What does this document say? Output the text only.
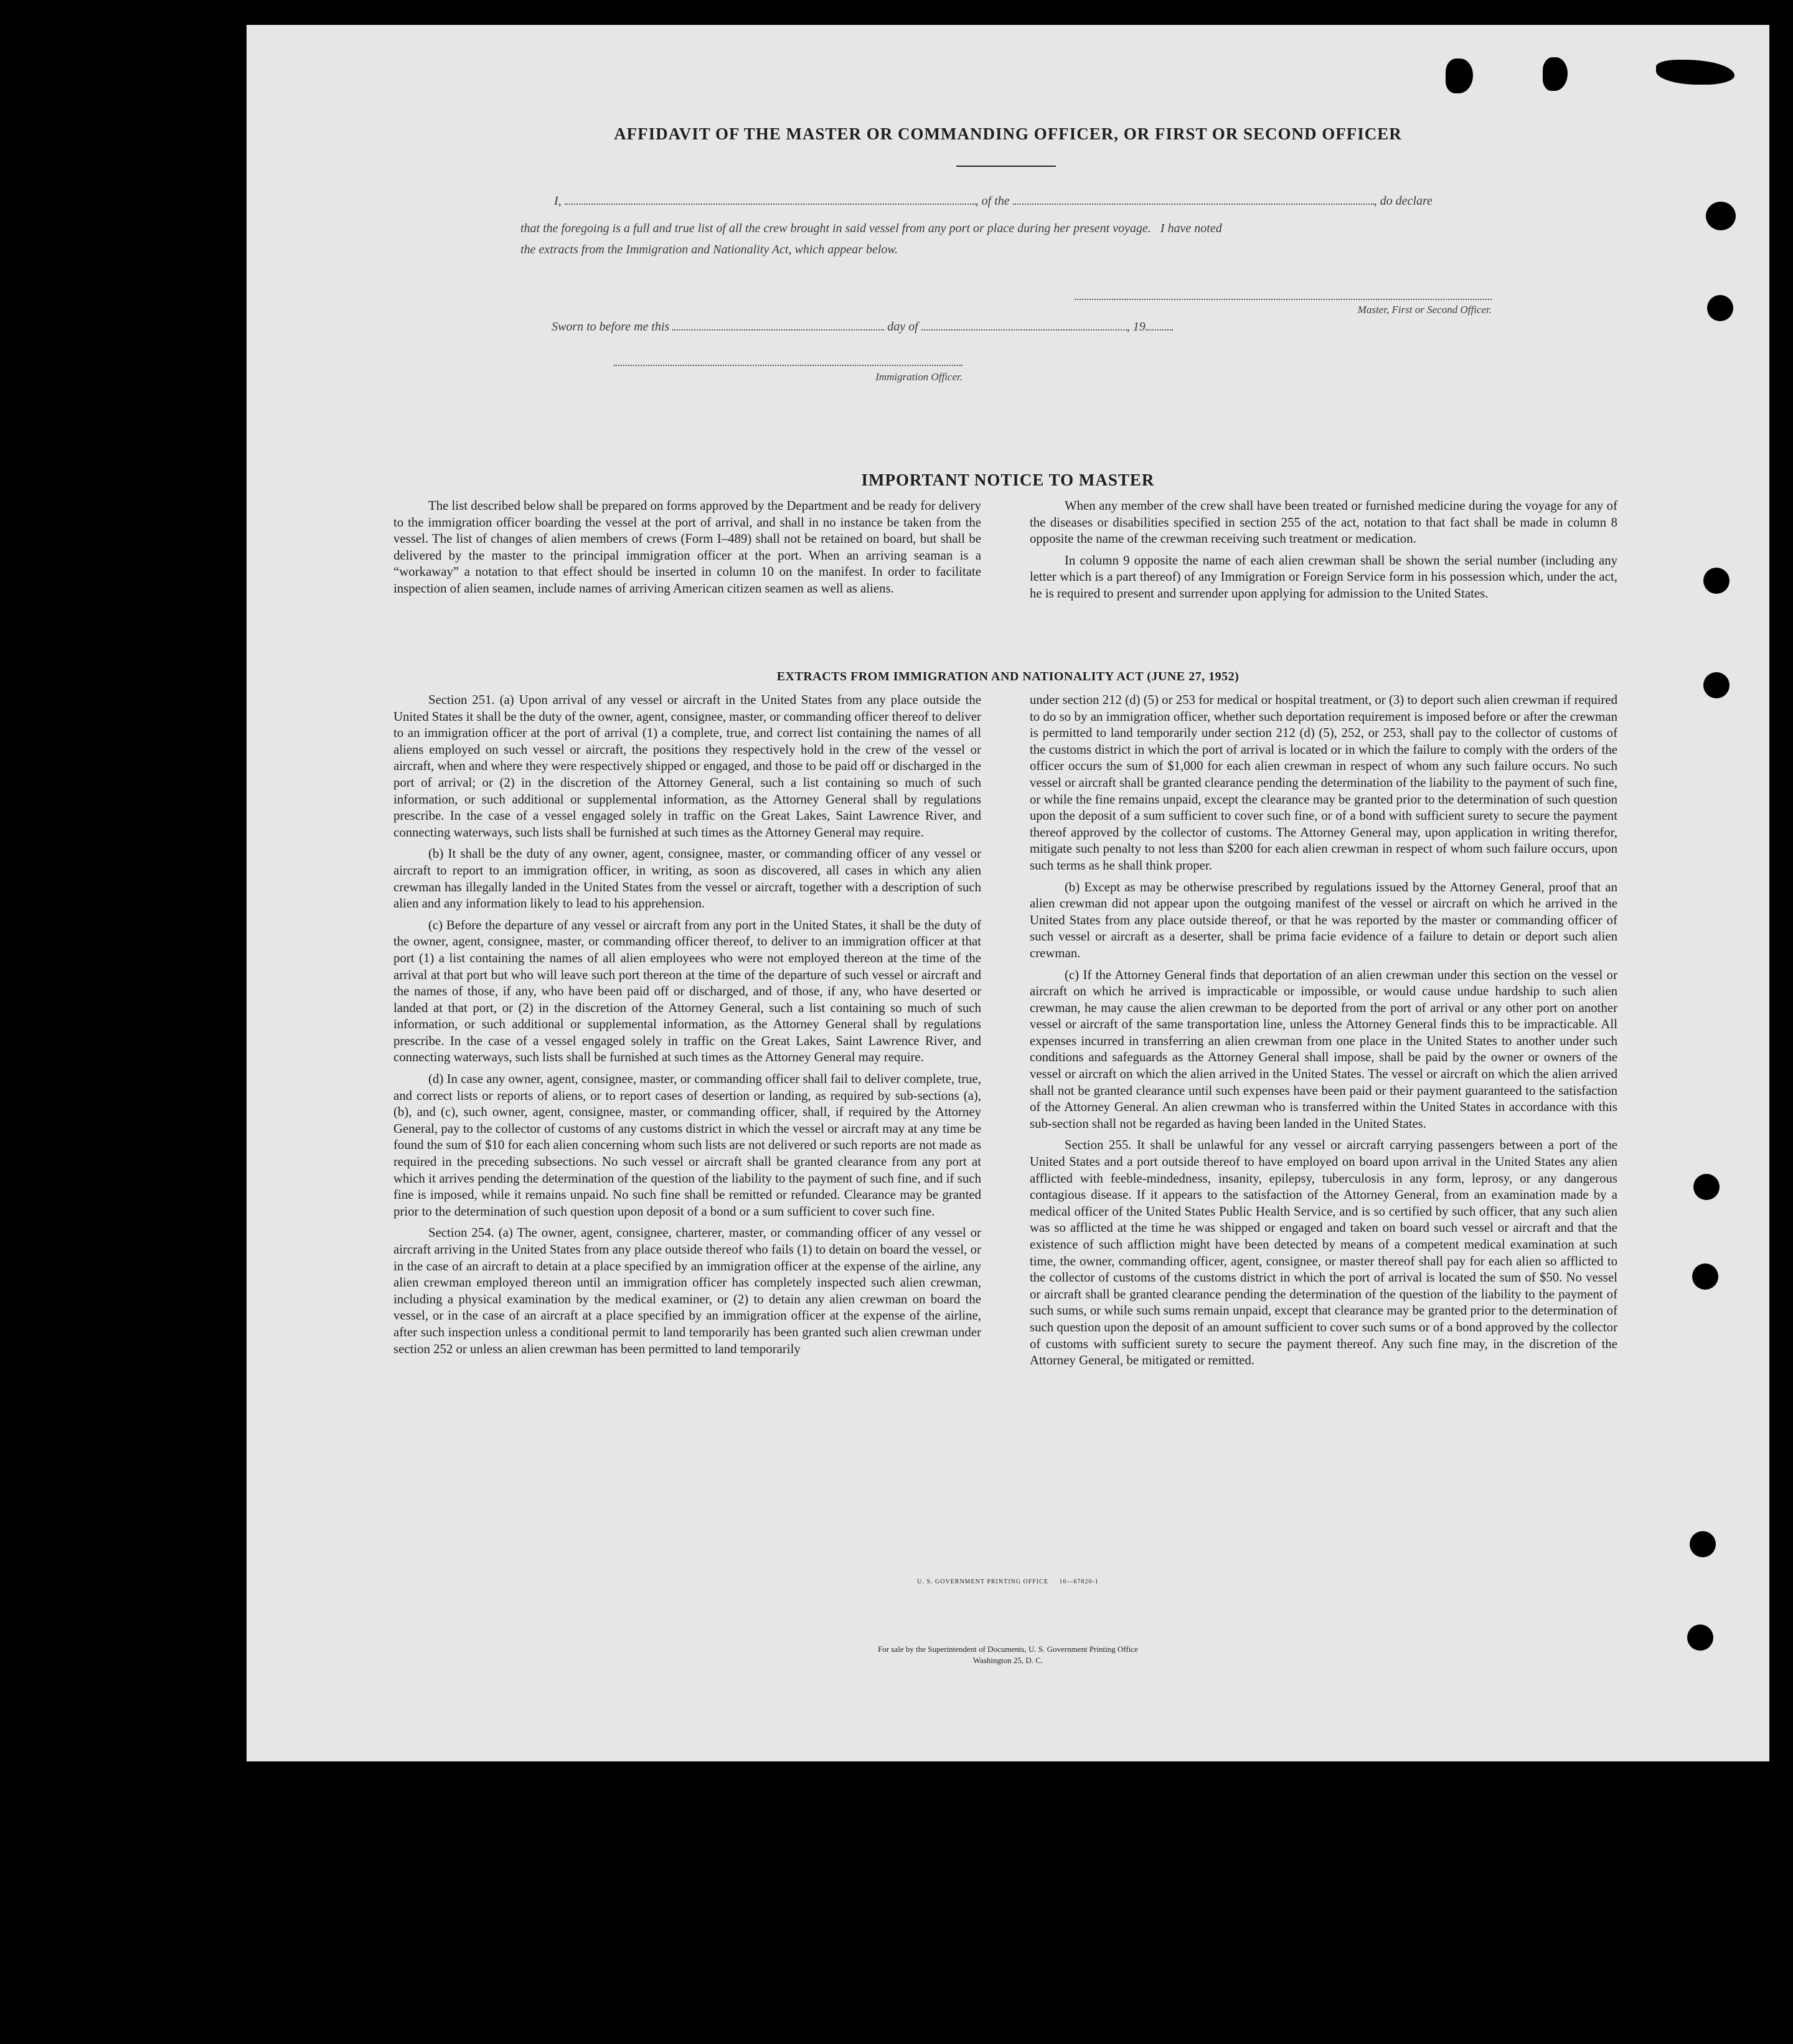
AFFIDAVIT OF THE MASTER OR COMMANDING OFFICER, OR FIRST OR SECOND OFFICER
I,	, of the	, do declare
that the foregoing is a full and true list of all the crew brought in said vessel from any port or place during her present voyage.   I have noted
the extracts from the Immigration and Nationality Act, which appear below.
Master, First or Second Officer.
Sworn to before me this	day of	, 19
Immigration Officer.
IMPORTANT NOTICE TO MASTER

The list described below shall be prepared on forms approved by the Department and be ready for delivery to the immigration officer boarding the vessel at the port of arrival, and shall in no instance be taken from the vessel. The list of changes of alien members of crews (Form I–489) shall not be retained on board, but shall be delivered by the master to the principal immigration officer at the port. When an arriving seaman is a “workaway” a notation to that effect should be inserted in column 10 on the manifest. In order to facilitate inspection of alien seamen, include names of arriving American citizen seamen as well as aliens.

When any member of the crew shall have been treated or furnished medicine during the voyage for any of the diseases or disabilities specified in section 255 of the act, notation to that fact shall be made in column 8 opposite the name of the crewman receiving such treatment or medication.

In column 9 opposite the name of each alien crewman shall be shown the serial number (including any letter which is a part thereof) of any Immigration or Foreign Service form in his possession which, under the act, he is required to present and surrender upon applying for admission to the United States.

EXTRACTS FROM IMMIGRATION AND NATIONALITY ACT (JUNE 27, 1952)

Section 251. (a) Upon arrival of any vessel or aircraft in the United States from any place outside the United States it shall be the duty of the owner, agent, consignee, master, or commanding officer thereof to deliver to an immigration officer at the port of arrival (1) a complete, true, and correct list containing the names of all aliens employed on such vessel or aircraft, the positions they respectively hold in the crew of the vessel or aircraft, when and where they were respectively shipped or engaged, and those to be paid off or discharged in the port of arrival; or (2) in the discretion of the Attorney General, such a list containing so much of such information, or such additional or supplemental information, as the Attorney General shall by regulations prescribe. In the case of a vessel engaged solely in traffic on the Great Lakes, Saint Lawrence River, and connecting waterways, such lists shall be furnished at such times as the Attorney General may require.

(b) It shall be the duty of any owner, agent, consignee, master, or commanding officer of any vessel or aircraft to report to an immigration officer, in writing, as soon as discovered, all cases in which any alien crewman has illegally landed in the United States from the vessel or aircraft, together with a description of such alien and any information likely to lead to his apprehension.

(c) Before the departure of any vessel or aircraft from any port in the United States, it shall be the duty of the owner, agent, consignee, master, or commanding officer thereof, to deliver to an immigration officer at that port (1) a list containing the names of all alien employees who were not employed thereon at the time of the arrival at that port but who will leave such port thereon at the time of the departure of such vessel or aircraft and the names of those, if any, who have been paid off or discharged, and of those, if any, who have deserted or landed at that port, or (2) in the discretion of the Attorney General, such a list containing so much of such information, or such additional or supplemental information, as the Attorney General shall by regulations prescribe. In the case of a vessel engaged solely in traffic on the Great Lakes, Saint Lawrence River, and connecting waterways, such lists shall be furnished at such times as the Attorney General may require.

(d) In case any owner, agent, consignee, master, or commanding officer shall fail to deliver complete, true, and correct lists or reports of aliens, or to report cases of desertion or landing, as required by sub-sections (a), (b), and (c), such owner, agent, consignee, master, or commanding officer, shall, if required by the Attorney General, pay to the collector of customs of any customs district in which the vessel or aircraft may at any time be found the sum of $10 for each alien concerning whom such lists are not delivered or such reports are not made as required in the preceding subsections. No such vessel or aircraft shall be granted clearance from any port at which it arrives pending the determination of the question of the liability to the payment of such fine, and if such fine is imposed, while it remains unpaid. No such fine shall be remitted or refunded. Clearance may be granted prior to the determination of such question upon deposit of a bond or a sum sufficient to cover such fine.

Section 254. (a) The owner, agent, consignee, charterer, master, or commanding officer of any vessel or aircraft arriving in the United States from any place outside thereof who fails (1) to detain on board the vessel, or in the case of an aircraft to detain at a place specified by an immigration officer at the expense of the airline, any alien crewman employed thereon until an immigration officer has completely inspected such alien crewman, including a physical examination by the medical examiner, or (2) to detain any alien crewman on board the vessel, or in the case of an aircraft at a place specified by an immigration officer at the expense of the airline, after such inspection unless a conditional permit to land temporarily has been granted such alien crewman under section 252 or unless an alien crewman has been permitted to land temporarily

under section 212 (d) (5) or 253 for medical or hospital treatment, or (3) to deport such alien crewman if required to do so by an immigration officer, whether such deportation requirement is imposed before or after the crewman is permitted to land temporarily under section 212 (d) (5), 252, or 253, shall pay to the collector of customs of the customs district in which the port of arrival is located or in which the failure to comply with the orders of the officer occurs the sum of $1,000 for each alien crewman in respect of whom any such failure occurs. No such vessel or aircraft shall be granted clearance pending the determination of the liability to the payment of such fine, or while the fine remains unpaid, except the clearance may be granted prior to the determination of such question upon the deposit of a sum sufficient to cover such fine, or of a bond with sufficient surety to secure the payment thereof approved by the collector of customs. The Attorney General may, upon application in writing therefor, mitigate such penalty to not less than $200 for each alien crewman in respect of whom such failure occurs, upon such terms as he shall think proper.

(b) Except as may be otherwise prescribed by regulations issued by the Attorney General, proof that an alien crewman did not appear upon the outgoing manifest of the vessel or aircraft on which he arrived in the United States from any place outside thereof, or that he was reported by the master or commanding officer of such vessel or aircraft as a deserter, shall be prima facie evidence of a failure to detain or deport such alien crewman.

(c) If the Attorney General finds that deportation of an alien crewman under this section on the vessel or aircraft on which he arrived is impracticable or impossible, or would cause undue hardship to such alien crewman, he may cause the alien crewman to be deported from the port of arrival or any other port on another vessel or aircraft of the same transportation line, unless the Attorney General finds this to be impracticable. All expenses incurred in transferring an alien crewman from one place in the United States to another under such conditions and safeguards as the Attorney General shall impose, shall be paid by the owner or owners of the vessel or aircraft on which the alien arrived in the United States. The vessel or aircraft on which the alien arrived shall not be granted clearance until such expenses have been paid or their payment guaranteed to the satisfaction of the Attorney General. An alien crewman who is transferred within the United States in accordance with this sub-section shall not be regarded as having been landed in the United States.

Section 255. It shall be unlawful for any vessel or aircraft carrying passengers between a port of the United States and a port outside thereof to have employed on board upon arrival in the United States any alien afflicted with feeble-mindedness, insanity, epilepsy, tuberculosis in any form, leprosy, or any dangerous contagious disease. If it appears to the satisfaction of the Attorney General, from an examination made by a medical officer of the United States Public Health Service, and is so certified by such officer, that any such alien was so afflicted at the time he was shipped or engaged and taken on board such vessel or aircraft and that the existence of such affliction might have been detected by means of a competent medical examination at such time, the owner, commanding officer, agent, consignee, or master thereof shall pay for each alien so afflicted to the collector of customs of the customs district in which the port of arrival is located the sum of $50. No vessel or aircraft shall be granted clearance pending the determination of the question of the liability to the payment of such sums, or while such sums remain unpaid, except that clearance may be granted prior to the determination of such question upon the deposit of an amount sufficient to cover such sums or of a bond approved by the collector of customs with sufficient surety to secure the payment thereof. Any such fine may, in the discretion of the Attorney General, be mitigated or remitted.

U. S. GOVERNMENT PRINTING OFFICE     16—67820-1
For sale by the Superintendent of Documents, U. S. Government Printing Office
Washington 25, D. C.
